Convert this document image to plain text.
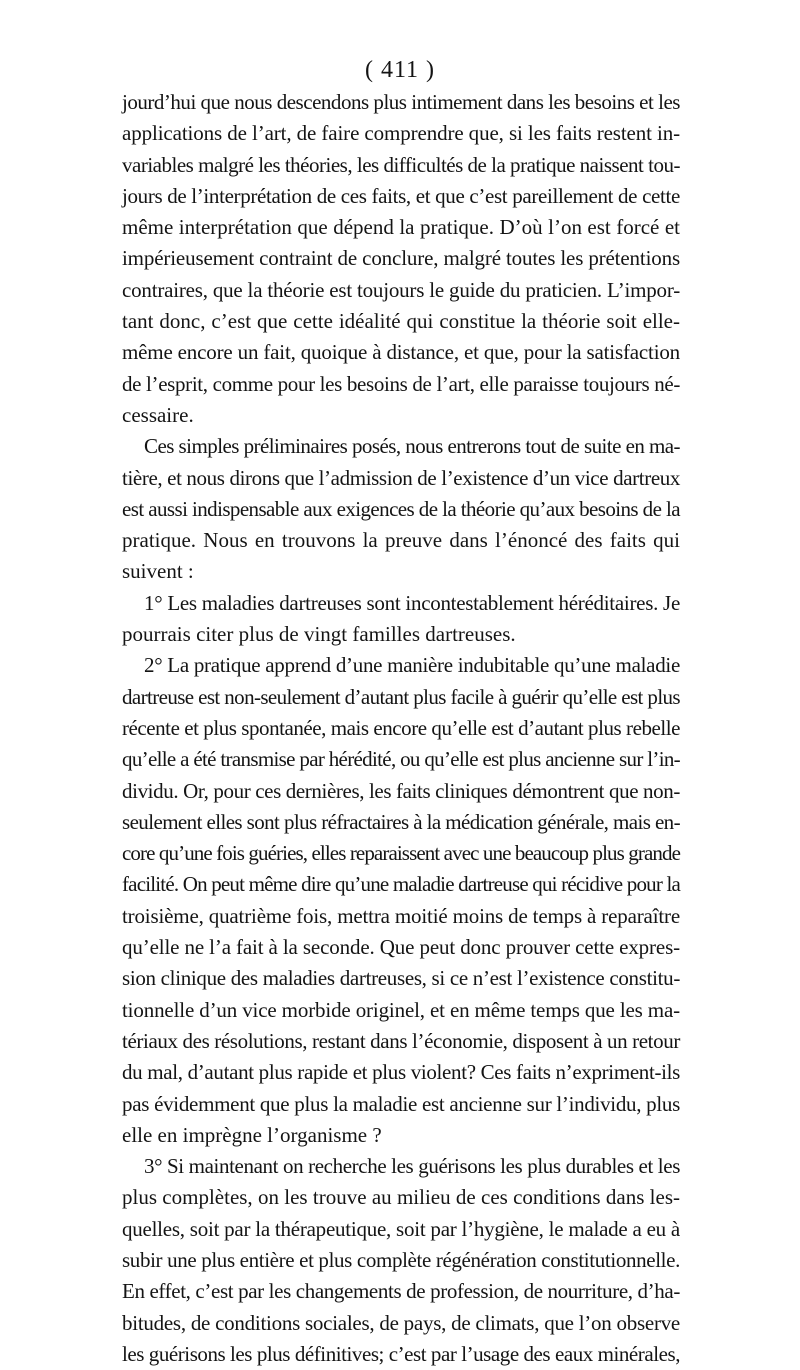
( 411 )
jourd’hui que nous descendons plus intimement dans les besoins et les
applications de l’art, de faire comprendre que, si les faits restent in-
variables malgré les théories, les difficultés de la pratique naissent tou-
jours de l’interprétation de ces faits, et que c’est pareillement de cette
même interprétation que dépend la pratique. D’où l’on est forcé et
impérieusement contraint de conclure, malgré toutes les prétentions
contraires, que la théorie est toujours le guide du praticien. L’impor-
tant donc, c’est que cette idéalité qui constitue la théorie soit elle-
même encore un fait, quoique à distance, et que, pour la satisfaction
de l’esprit, comme pour les besoins de l’art, elle paraisse toujours né-
cessaire.
Ces simples préliminaires posés, nous entrerons tout de suite en ma-
tière, et nous dirons que l’admission de l’existence d’un vice dartreux
est aussi indispensable aux exigences de la théorie qu’aux besoins de la
pratique. Nous en trouvons la preuve dans l’énoncé des faits qui
suivent :
1° Les maladies dartreuses sont incontestablement héréditaires. Je
pourrais citer plus de vingt familles dartreuses.
2° La pratique apprend d’une manière indubitable qu’une maladie
dartreuse est non-seulement d’autant plus facile à guérir qu’elle est plus
récente et plus spontanée, mais encore qu’elle est d’autant plus rebelle
qu’elle a été transmise par hérédité, ou qu’elle est plus ancienne sur l’in-
dividu. Or, pour ces dernières, les faits cliniques démontrent que non-
seulement elles sont plus réfractaires à la médication générale, mais en-
core qu’une fois guéries, elles reparaissent avec une beaucoup plus grande
facilité. On peut même dire qu’une maladie dartreuse qui récidive pour la
troisième, quatrième fois, mettra moitié moins de temps à reparaître
qu’elle ne l’a fait à la seconde. Que peut donc prouver cette expres-
sion clinique des maladies dartreuses, si ce n’est l’existence constitu-
tionnelle d’un vice morbide originel, et en même temps que les ma-
tériaux des résolutions, restant dans l’économie, disposent à un retour
du mal, d’autant plus rapide et plus violent? Ces faits n’expriment-ils
pas évidemment que plus la maladie est ancienne sur l’individu, plus
elle en imprègne l’organisme ?
3° Si maintenant on recherche les guérisons les plus durables et les
plus complètes, on les trouve au milieu de ces conditions dans les-
quelles, soit par la thérapeutique, soit par l’hygiène, le malade a eu à
subir une plus entière et plus complète régénération constitutionnelle.
En effet, c’est par les changements de profession, de nourriture, d’ha-
bitudes, de conditions sociales, de pays, de climats, que l’on observe
les guérisons les plus définitives; c’est par l’usage des eaux minérales,
